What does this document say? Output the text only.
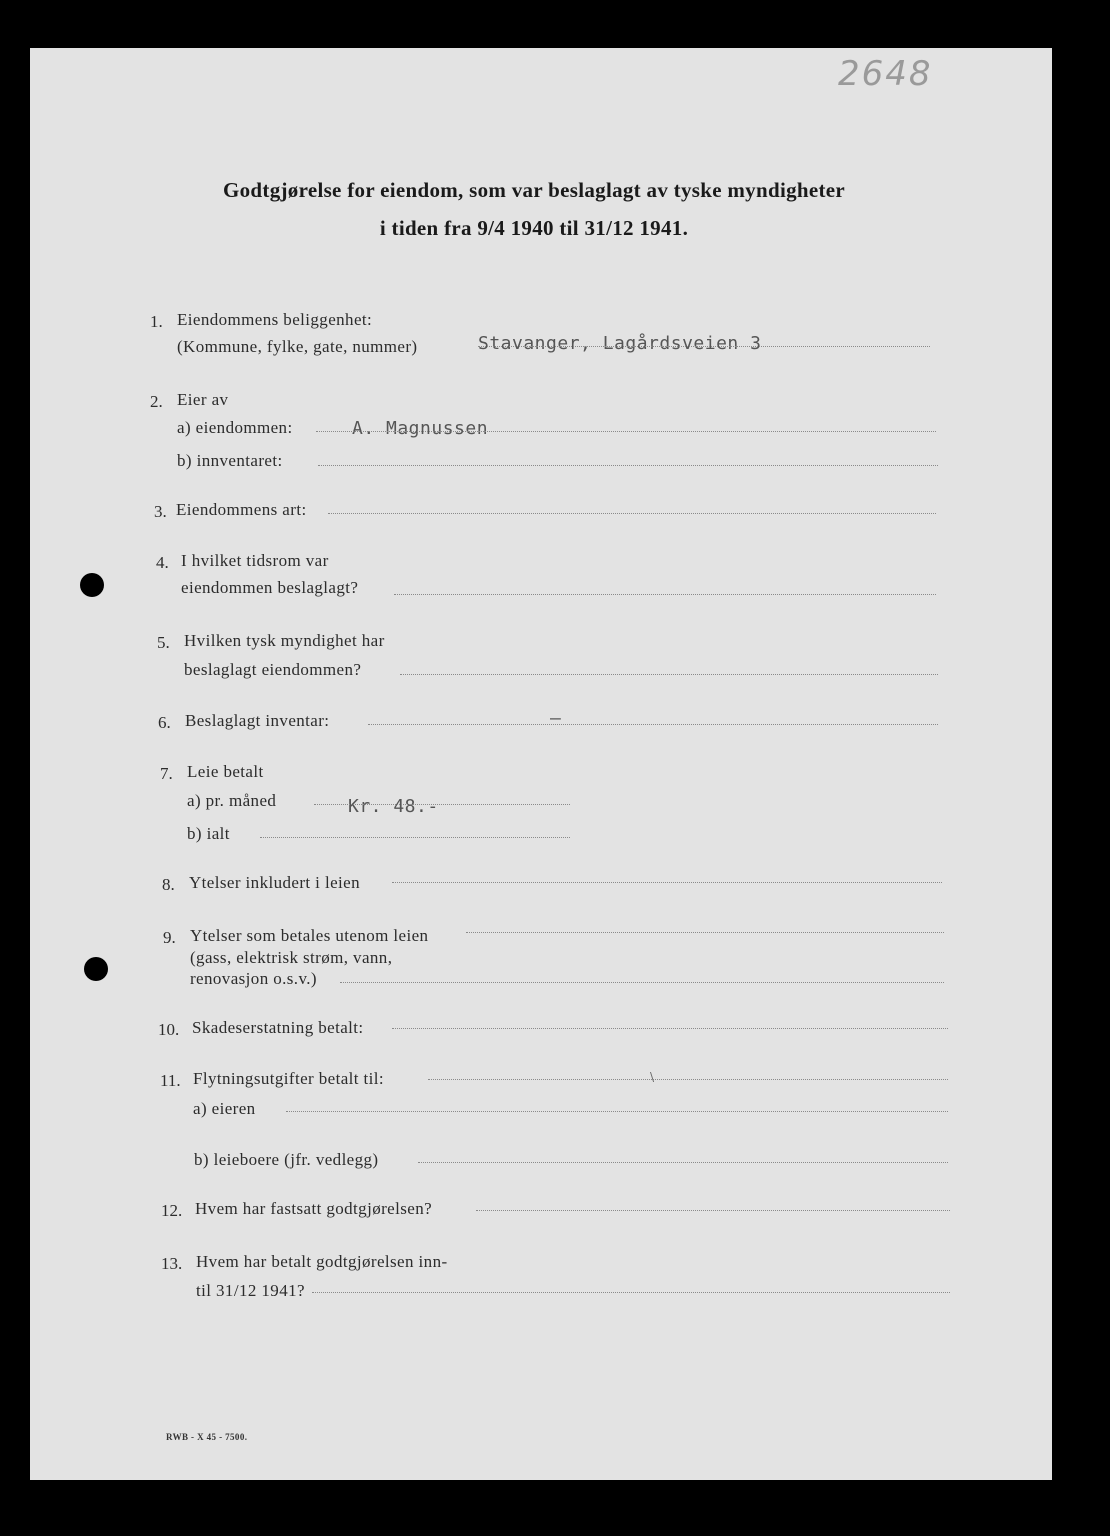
2648
Godtgjørelse for eiendom, som var beslaglagt av tyske myndigheter
i tiden fra 9/4 1940 til 31/12 1941.
1. Eiendommens beliggenhet:
(Kommune, fylke, gate, nummer)	Stavanger, Lagårdsveien 3
2. Eier av
a) eiendommen:	A. Magnussen
b) innventaret:
3. Eiendommens art:
4. I hvilket tidsrom var
eiendommen beslaglagt?
5. Hvilken tysk myndighet har
beslaglagt eiendommen?
6. Beslaglagt inventar:	–
7. Leie betalt
a) pr. måned	Kr. 48.-
b) ialt
8. Ytelser inkludert i leien
9. Ytelser som betales utenom leien
(gass, elektrisk strøm, vann,
renovasjon o.s.v.)
10. Skadeserstatning betalt:
11. Flytningsutgifter betalt til:
a) eieren
\
b) leieboere (jfr. vedlegg)
12. Hvem har fastsatt godtgjørelsen?
13. Hvem har betalt godtgjørelsen inn-
til 31/12 1941?
RWB - X 45 - 7500.
